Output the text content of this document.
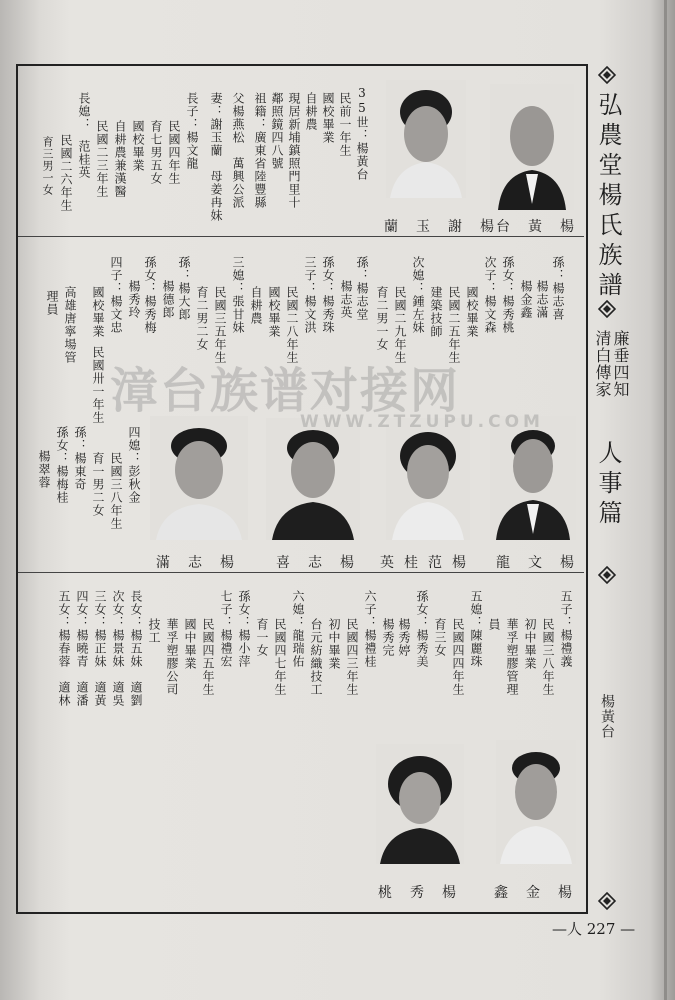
弘農堂楊氏族譜
廉垂四知
清白傳家
人事篇
楊黃台
蘭玉謝楊
台黃楊
35世：楊黃台
民前一年生
國校畢業
自耕農
現居新埔鎮照門里十
鄰照鏡四八號
祖籍：廣東省陸豐縣
父楊燕松　萬興公派
妻：謝玉蘭　母姜冉妹
長子：楊文龍
民國四年生
育七男五女
國校畢業
自耕農兼漢醫
民國二三年生
長媳：
范桂英
民國二六年生
育三男一女
孫：楊志喜
楊志滿
楊金鑫
孫女：楊秀桃
次子：楊文森
國校畢業
民國二五年生
建築技師
次媳：鍾左妹
民國二九年生
育二男一女
孫：楊志堂
楊志英
孫女：楊秀珠
三子：楊文洪
民國二八年生
國校畢業
自耕農
三媳：張甘妹
民國三五年生
育二男二女
孫：楊大郎
楊德郎
孫女：楊秀梅
楊秀玲
四子：楊文忠
國校畢業
民國卅一年生
高雄唐寧場管
理員
四媳：彭秋金
民國三八年生
育一男二女
孫：楊東奇
孫女：楊梅桂
楊翠蓉
滿志楊 喜志楊 英桂范楊 龍文楊
五子：楊禮義
民國三八年生
初中畢業
華孚塑膠管理
員
五媳：陳麗珠
民國四四年生
育三女
孫女：楊秀美
楊秀婷
楊秀完
六子：楊禮桂
民國四三年生
初中畢業
台元紡織技工
六媳：龍瑞佑
民國四七年生
育一女
孫女：楊小萍
七子：楊禮宏
民國四五年生
國中畢業
華孚塑膠公司
技工
長女：楊五妹　適劉
次女：楊景妹　適吳
三女：楊正妹　適黃
四女：楊曉青　適潘
五女：楊春蓉　適林
桃秀楊 鑫金楊
漳台族谱对接网
WWW.ZTZUPU.COM
—人 227 —
